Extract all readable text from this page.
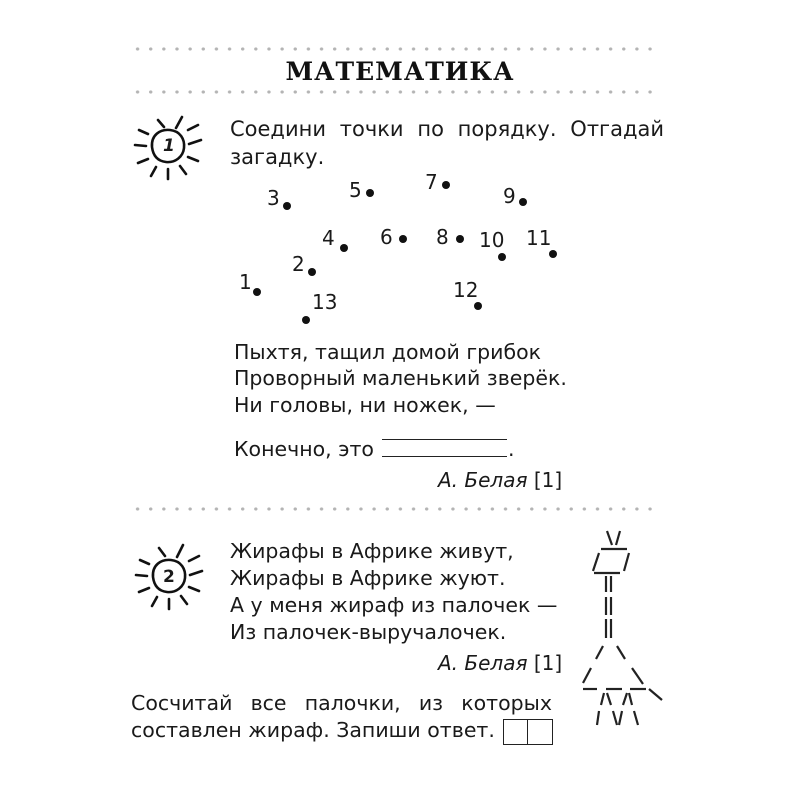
МАТЕМАТИКА
1
Соедини точки по порядку. Отгадай
загадку.
1
2
3
4
5
6
7
8
9
10 11
12
13
Пыхтя, тащил домой грибок
Проворный маленький зверёк.
Ни головы, ни ножек, —
Конечно, это	.
А. Белая [1]
2
Жирафы в Африке живут,
Жирафы в Африке жуют.
А у меня жираф из палочек —
Из палочек-выручалочек.
А. Белая [1]
Сосчитай все палочки, из которых
составлен жираф. Запиши ответ.
